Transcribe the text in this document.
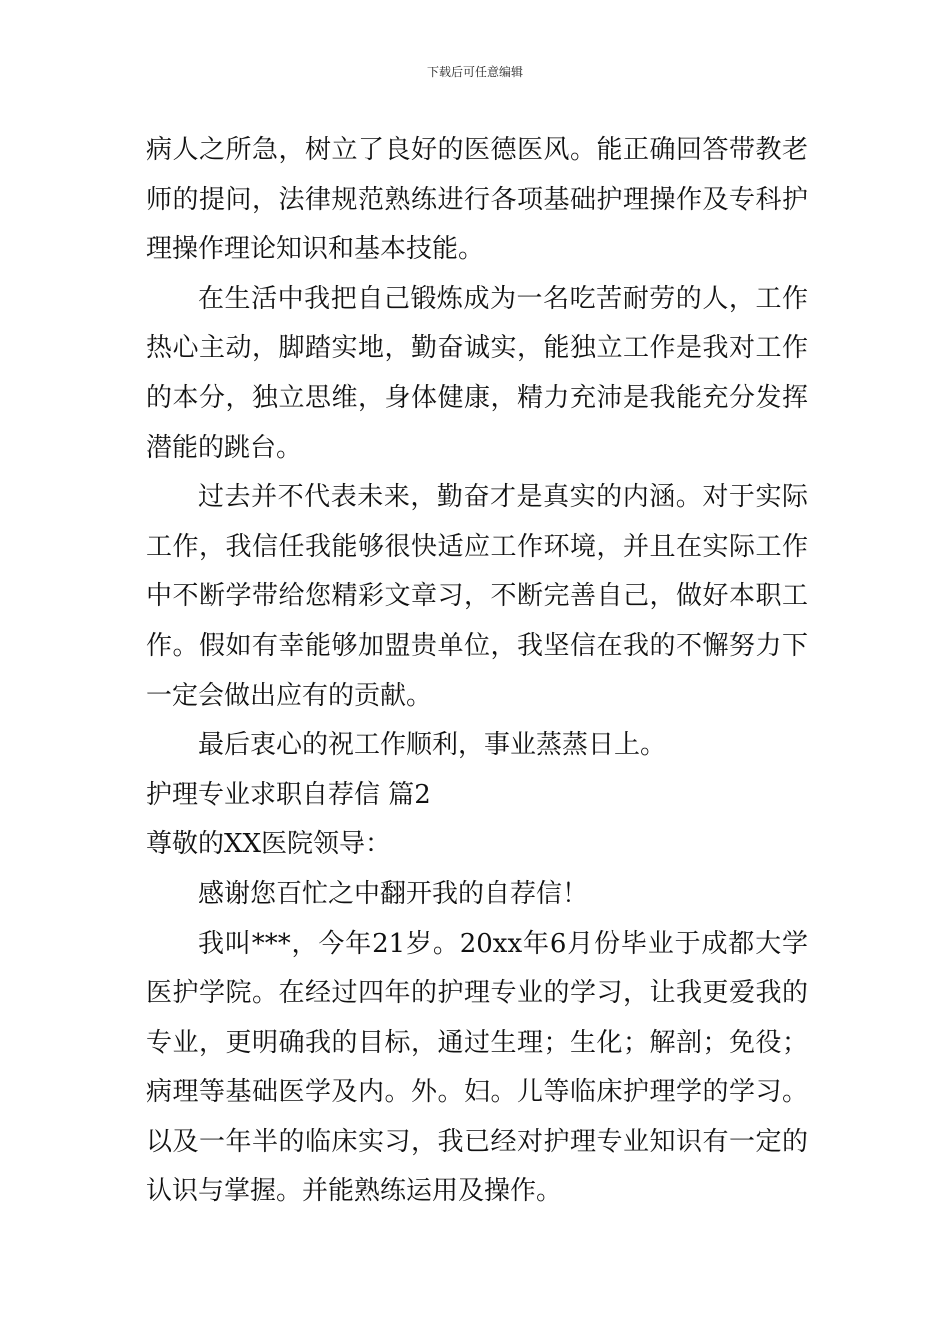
下载后可任意编辑
病人之所急，树立了良好的医德医风。能正确回答带教老
师的提问，法律规范熟练进行各项基础护理操作及专科护
理操作理论知识和基本技能。
在生活中我把自己锻炼成为一名吃苦耐劳的人，工作
热心主动，脚踏实地，勤奋诚实，能独立工作是我对工作
的本分，独立思维，身体健康，精力充沛是我能充分发挥
潜能的跳台。
过去并不代表未来，勤奋才是真实的内涵。对于实际
工作，我信任我能够很快适应工作环境，并且在实际工作
中不断学带给您精彩文章习，不断完善自己，做好本职工
作。假如有幸能够加盟贵单位，我坚信在我的不懈努力下
一定会做出应有的贡献。
最后衷心的祝工作顺利，事业蒸蒸日上。
护理专业求职自荐信 篇2
尊敬的XX医院领导：
感谢您百忙之中翻开我的自荐信！
我叫***，今年21岁。20xx年6月份毕业于成都大学
医护学院。在经过四年的护理专业的学习，让我更爱我的
专业，更明确我的目标，通过生理；生化；解剖；免役；
病理等基础医学及内。外。妇。儿等临床护理学的学习。
以及一年半的临床实习，我已经对护理专业知识有一定的
认识与掌握。并能熟练运用及操作。
